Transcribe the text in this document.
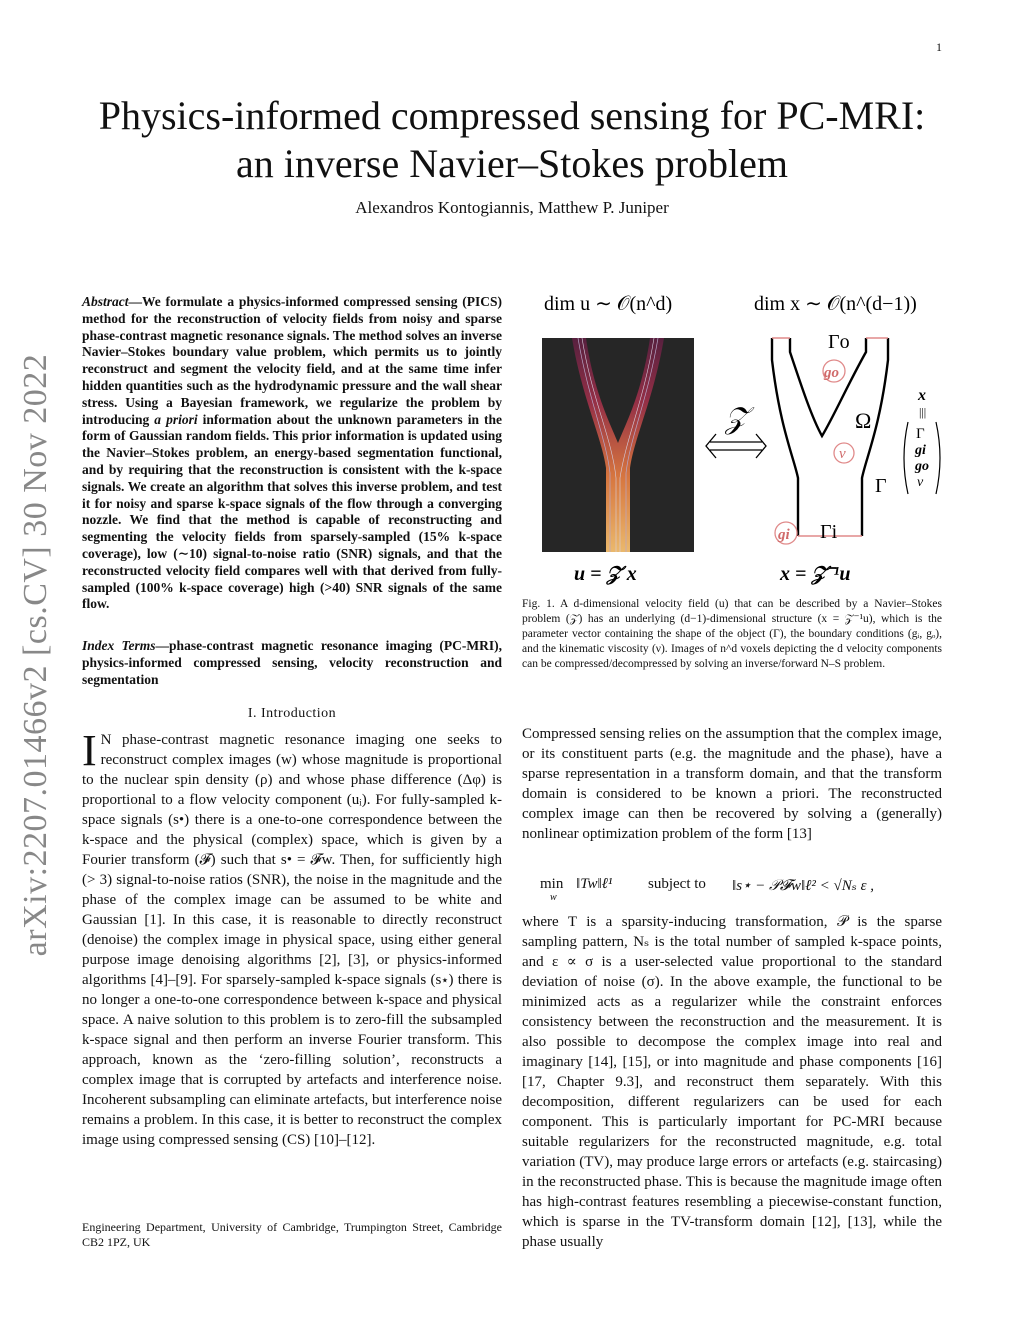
1
arXiv:2207.01466v2 [cs.CV] 30 Nov 2022
Physics-informed compressed sensing for PC-MRI:
an inverse Navier–Stokes problem
Alexandros Kontogiannis, Matthew P. Juniper
Abstract—We formulate a physics-informed compressed sensing (PICS) method for the reconstruction of velocity fields from noisy and sparse phase-contrast magnetic resonance signals. The method solves an inverse Navier–Stokes boundary value problem, which permits us to jointly reconstruct and segment the velocity field, and at the same time infer hidden quantities such as the hydrodynamic pressure and the wall shear stress. Using a Bayesian framework, we regularize the problem by introducing a priori information about the unknown parameters in the form of Gaussian random fields. This prior information is updated using the Navier–Stokes problem, an energy-based segmentation functional, and by requiring that the reconstruction is consistent with the k-space signals. We create an algorithm that solves this inverse problem, and test it for noisy and sparse k-space signals of the flow through a converging nozzle. We find that the method is capable of reconstructing and segmenting the velocity fields from sparsely-sampled (15% k-space coverage), low (∼10) signal-to-noise ratio (SNR) signals, and that the reconstructed velocity field compares well with that derived from fully-sampled (100% k-space coverage) high (>40) SNR signals of the same flow.
Index Terms—phase-contrast magnetic resonance imaging (PC-MRI), physics-informed compressed sensing, velocity reconstruction and segmentation
I. Introduction
I N phase-contrast magnetic resonance imaging one seeks to reconstruct complex images (w) whose magnitude is proportional to the nuclear spin density (ρ) and whose phase difference (Δφ) is proportional to a flow velocity component (uᵢ). For fully-sampled k-space signals (s•) there is a one-to-one correspondence between the k-space and the physical (complex) space, which is given by a Fourier transform (𝓕) such that s• = 𝓕w. Then, for sufficiently high (> 3) signal-to-noise ratios (SNR), the noise in the magnitude and the phase of the complex image can be assumed to be white and Gaussian [1]. In this case, it is reasonable to directly reconstruct (denoise) the complex image in physical space, using either general purpose image denoising algorithms [2], [3], or physics-informed algorithms [4]–[9]. For sparsely-sampled k-space signals (s⋆) there is no longer a one-to-one correspondence between k-space and physical space. A naive solution to this problem is to zero-fill the subsampled k-space signal and then perform an inverse Fourier transform. This approach, known as the ‘zero-filling solution’, reconstructs a complex image that is corrupted by artefacts and interference noise. Incoherent subsampling can eliminate artefacts, but interference noise remains a problem. In this case, it is better to reconstruct the complex image using compressed sensing (CS) [10]–[12].
Engineering Department, University of Cambridge, Trumpington Street, Cambridge CB2 1PZ, UK
dim u ∼ 𝒪(n^d)	dim x ∼ 𝒪(n^(d−1))
𝒵
Γo
go
Ω
ν
Γ
gi Γi
x
|||
Γ
gi
go
ν
u = 𝒵 x	x = 𝒵⁻¹u
Fig. 1. A d-dimensional velocity field (u) that can be described by a Navier–Stokes problem (𝒵) has an underlying (d−1)-dimensional structure (x = 𝒵⁻¹u), which is the parameter vector containing the shape of the object (Γ), the boundary conditions (gᵢ, gₒ), and the kinematic viscosity (ν). Images of n^d voxels depicting the d velocity components can be compressed/decompressed by solving an inverse/forward N–S problem.
Compressed sensing relies on the assumption that the complex image, or its constituent parts (e.g. the magnitude and the phase), have a sparse representation in a transform domain, and that the transform domain is considered to be known a priori. The reconstructed complex image can then be recovered by solving a (generally) nonlinear optimization problem of the form [13]
min
w
‖Tw‖ℓ¹ subject to ‖s⋆ − 𝒫𝓕w‖ℓ² < √Nₛ ε ,
where T is a sparsity-inducing transformation, 𝒫 is the sparse sampling pattern, Nₛ is the total number of sampled k-space points, and ε ∝ σ is a user-selected value proportional to the standard deviation of noise (σ). In the above example, the functional to be minimized acts as a regularizer while the constraint enforces consistency between the reconstruction and the measurement. It is also possible to decompose the complex image into real and imaginary [14], [15], or into magnitude and phase components [16] [17, Chapter 9.3], and reconstruct them separately. With this decomposition, different regularizers can be used for each component. This is particularly important for PC-MRI because suitable regularizers for the reconstructed magnitude, e.g. total variation (TV), may produce large errors or artefacts (e.g. staircasing) in the reconstructed phase. This is because the magnitude image often has high-contrast features resembling a piecewise-constant function, which is sparse in the TV-transform domain [12], [13], while the phase usually
